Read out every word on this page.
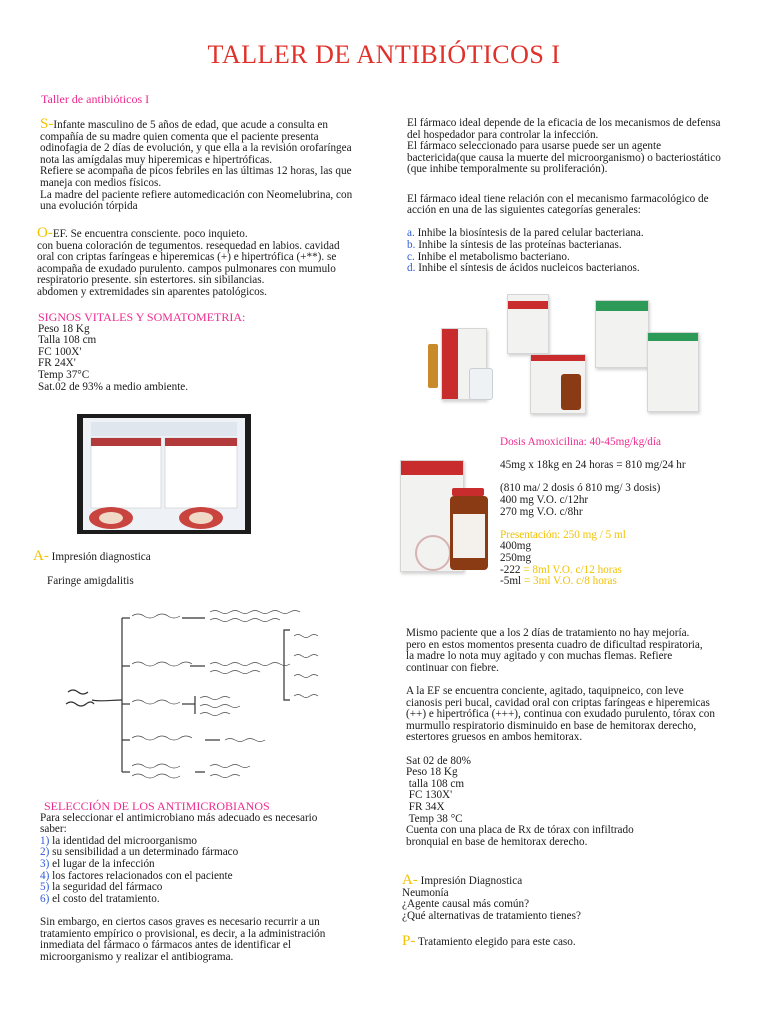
TALLER DE ANTIBIÓTICOS I
Taller de antibióticos I
S-Infante masculino de 5 años de edad, que acude a consulta en
compañía de su madre quien comenta que el paciente presenta
odinofagia de 2 días de evolución, y que ella a la revisión orofaríngea
nota las amígdalas muy hiperemicas e hipertróficas.
Refiere se acompaña de picos febriles en las últimas 12 horas, las que
maneja con medios físicos.
La madre del paciente refiere automedicación con Neomelubrina, con
una evolución tórpida
O-EF. Se encuentra consciente. poco inquieto.
con buena coloración de tegumentos. resequedad en labios. cavidad
oral con criptas faríngeas e hiperemicas (+) e hipertrófica (+**). se
acompaña de exudado purulento. campos pulmonares con mumulo
respiratorio presente. sin estertores. sin sibilancias.
abdomen y extremidades sin aparentes patológicos.
SIGNOS VITALES Y SOMATOMETRIA:
Peso 18 Kg
Talla 108 cm
FC 100X'
FR 24X'
Temp 37°C
Sat.02 de 93% a medio ambiente.
A- Impresión diagnostica
Faringe amigdalitis
SELECCIÓN DE LOS ANTIMICROBIANOS
Para seleccionar el antimicrobiano más adecuado es necesario
saber:
1) la identidad del microorganismo
2) su sensibilidad a un determinado fármaco
3) el lugar de la infección
4) los factores relacionados con el paciente
5) la seguridad del fármaco
6) el costo del tratamiento.
Sin embargo, en ciertos casos graves es necesario recurrir a un
tratamiento empírico o provisional, es decir, a la administración
inmediata del fármaco o fármacos antes de identificar el
microorganismo y realizar el antibiograma.
El fármaco ideal depende de la eficacia de los mecanismos de defensa
del hospedador para controlar la infección.
El fármaco seleccionado para usarse puede ser un agente
bactericida(que causa la muerte del microorganismo) o bacteriostático
(que inhibe temporalmente su proliferación).
El fármaco ideal tiene relación con el mecanismo farmacológico de
acción en una de las siguientes categorías generales:
a. Inhibe la biosíntesis de la pared celular bacteriana.
b. Inhibe la síntesis de las proteínas bacterianas.
c. Inhibe el metabolismo bacteriano.
d. Inhibe el síntesis de ácidos nucleicos bacterianos.
Dosis Amoxicilina: 40-45mg/kg/día
45mg x 18kg en 24 horas = 810 mg/24 hr
(810 ma/ 2 dosis ó 810 mg/ 3 dosis)
400 mg V.O. c/12hr
270 mg V.O. c/8hr
Presentación: 250 mg / 5 ml
400mg
250mg
-222 = 8ml V.O. c/12 horas
-5ml = 3ml V.O. c/8 horas
Mismo paciente que a los 2 días de tratamiento no hay mejoría.
pero en estos momentos presenta cuadro de dificultad respiratoria,
la madre lo nota muy agitado y con muchas flemas. Refiere
continuar con fiebre.
A la EF se encuentra conciente, agitado, taquipneico, con leve
cianosis peri bucal, cavidad oral con criptas faríngeas e hiperemicas
(++) e hipertrófica (+++), continua con exudado purulento, tórax con
murmullo respiratorio disminuido en base de hemitorax derecho,
estertores gruesos en ambos hemitorax.
Sat 02 de 80%
Peso 18 Kg
talla 108 cm
FC 130X'
FR 34X
Temp 38 °C
Cuenta con una placa de Rx de tórax con infiltrado
bronquial en base de hemitorax derecho.
A- Impresión Diagnostica
Neumonía
¿Agente causal más común?
¿Qué alternativas de tratamiento tienes?
P- Tratamiento elegido para este caso.
